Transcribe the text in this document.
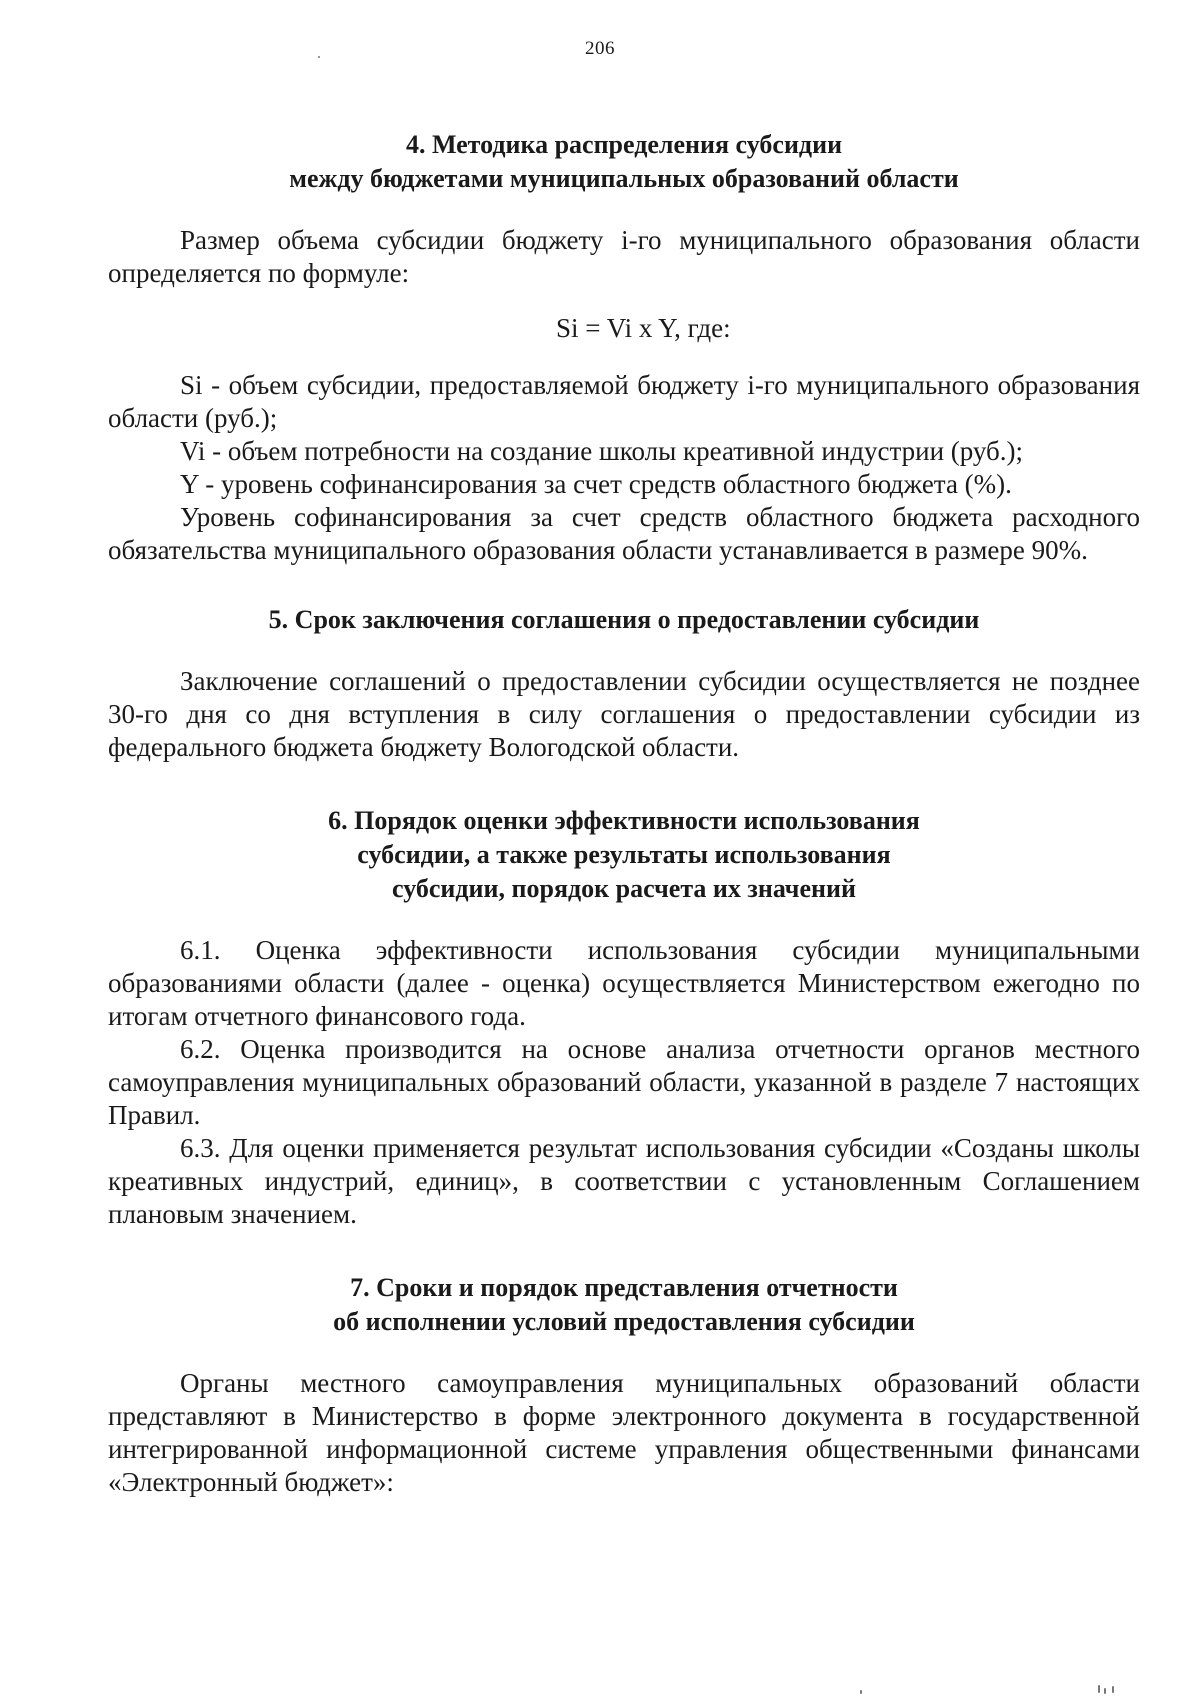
206
4. Методика распределения субсидии
между бюджетами муниципальных образований области

Размер объема субсидии бюджету i-го муниципального образования области определяется по формуле:

Si = Vi x Y, где:

Si - объем субсидии, предоставляемой бюджету i-го муниципального образования области (руб.);

Vi - объем потребности на создание школы креативной индустрии (руб.);

Y - уровень софинансирования за счет средств областного бюджета (%).

Уровень софинансирования за счет средств областного бюджета расходного обязательства муниципального образования области устанавливается в размере 90%.

5. Срок заключения соглашения о предоставлении субсидии

Заключение соглашений о предоставлении субсидии осуществляется не позднее 30-го дня со дня вступления в силу соглашения о предоставлении субсидии из федерального бюджета бюджету Вологодской области.

6. Порядок оценки эффективности использования
субсидии, а также результаты использования
субсидии, порядок расчета их значений

6.1. Оценка эффективности использования субсидии муниципальными образованиями области (далее - оценка) осуществляется Министерством ежегодно по итогам отчетного финансового года.

6.2. Оценка производится на основе анализа отчетности органов местного самоуправления муниципальных образований области, указанной в разделе 7 настоящих Правил.

6.3. Для оценки применяется результат использования субсидии «Созданы школы креативных индустрий, единиц», в соответствии с установленным Соглашением плановым значением.

7. Сроки и порядок представления отчетности
об исполнении условий предоставления субсидии

Органы местного самоуправления муниципальных образований области представляют в Министерство в форме электронного документа в государственной интегрированной информационной системе управления общественными финансами «Электронный бюджет»:
